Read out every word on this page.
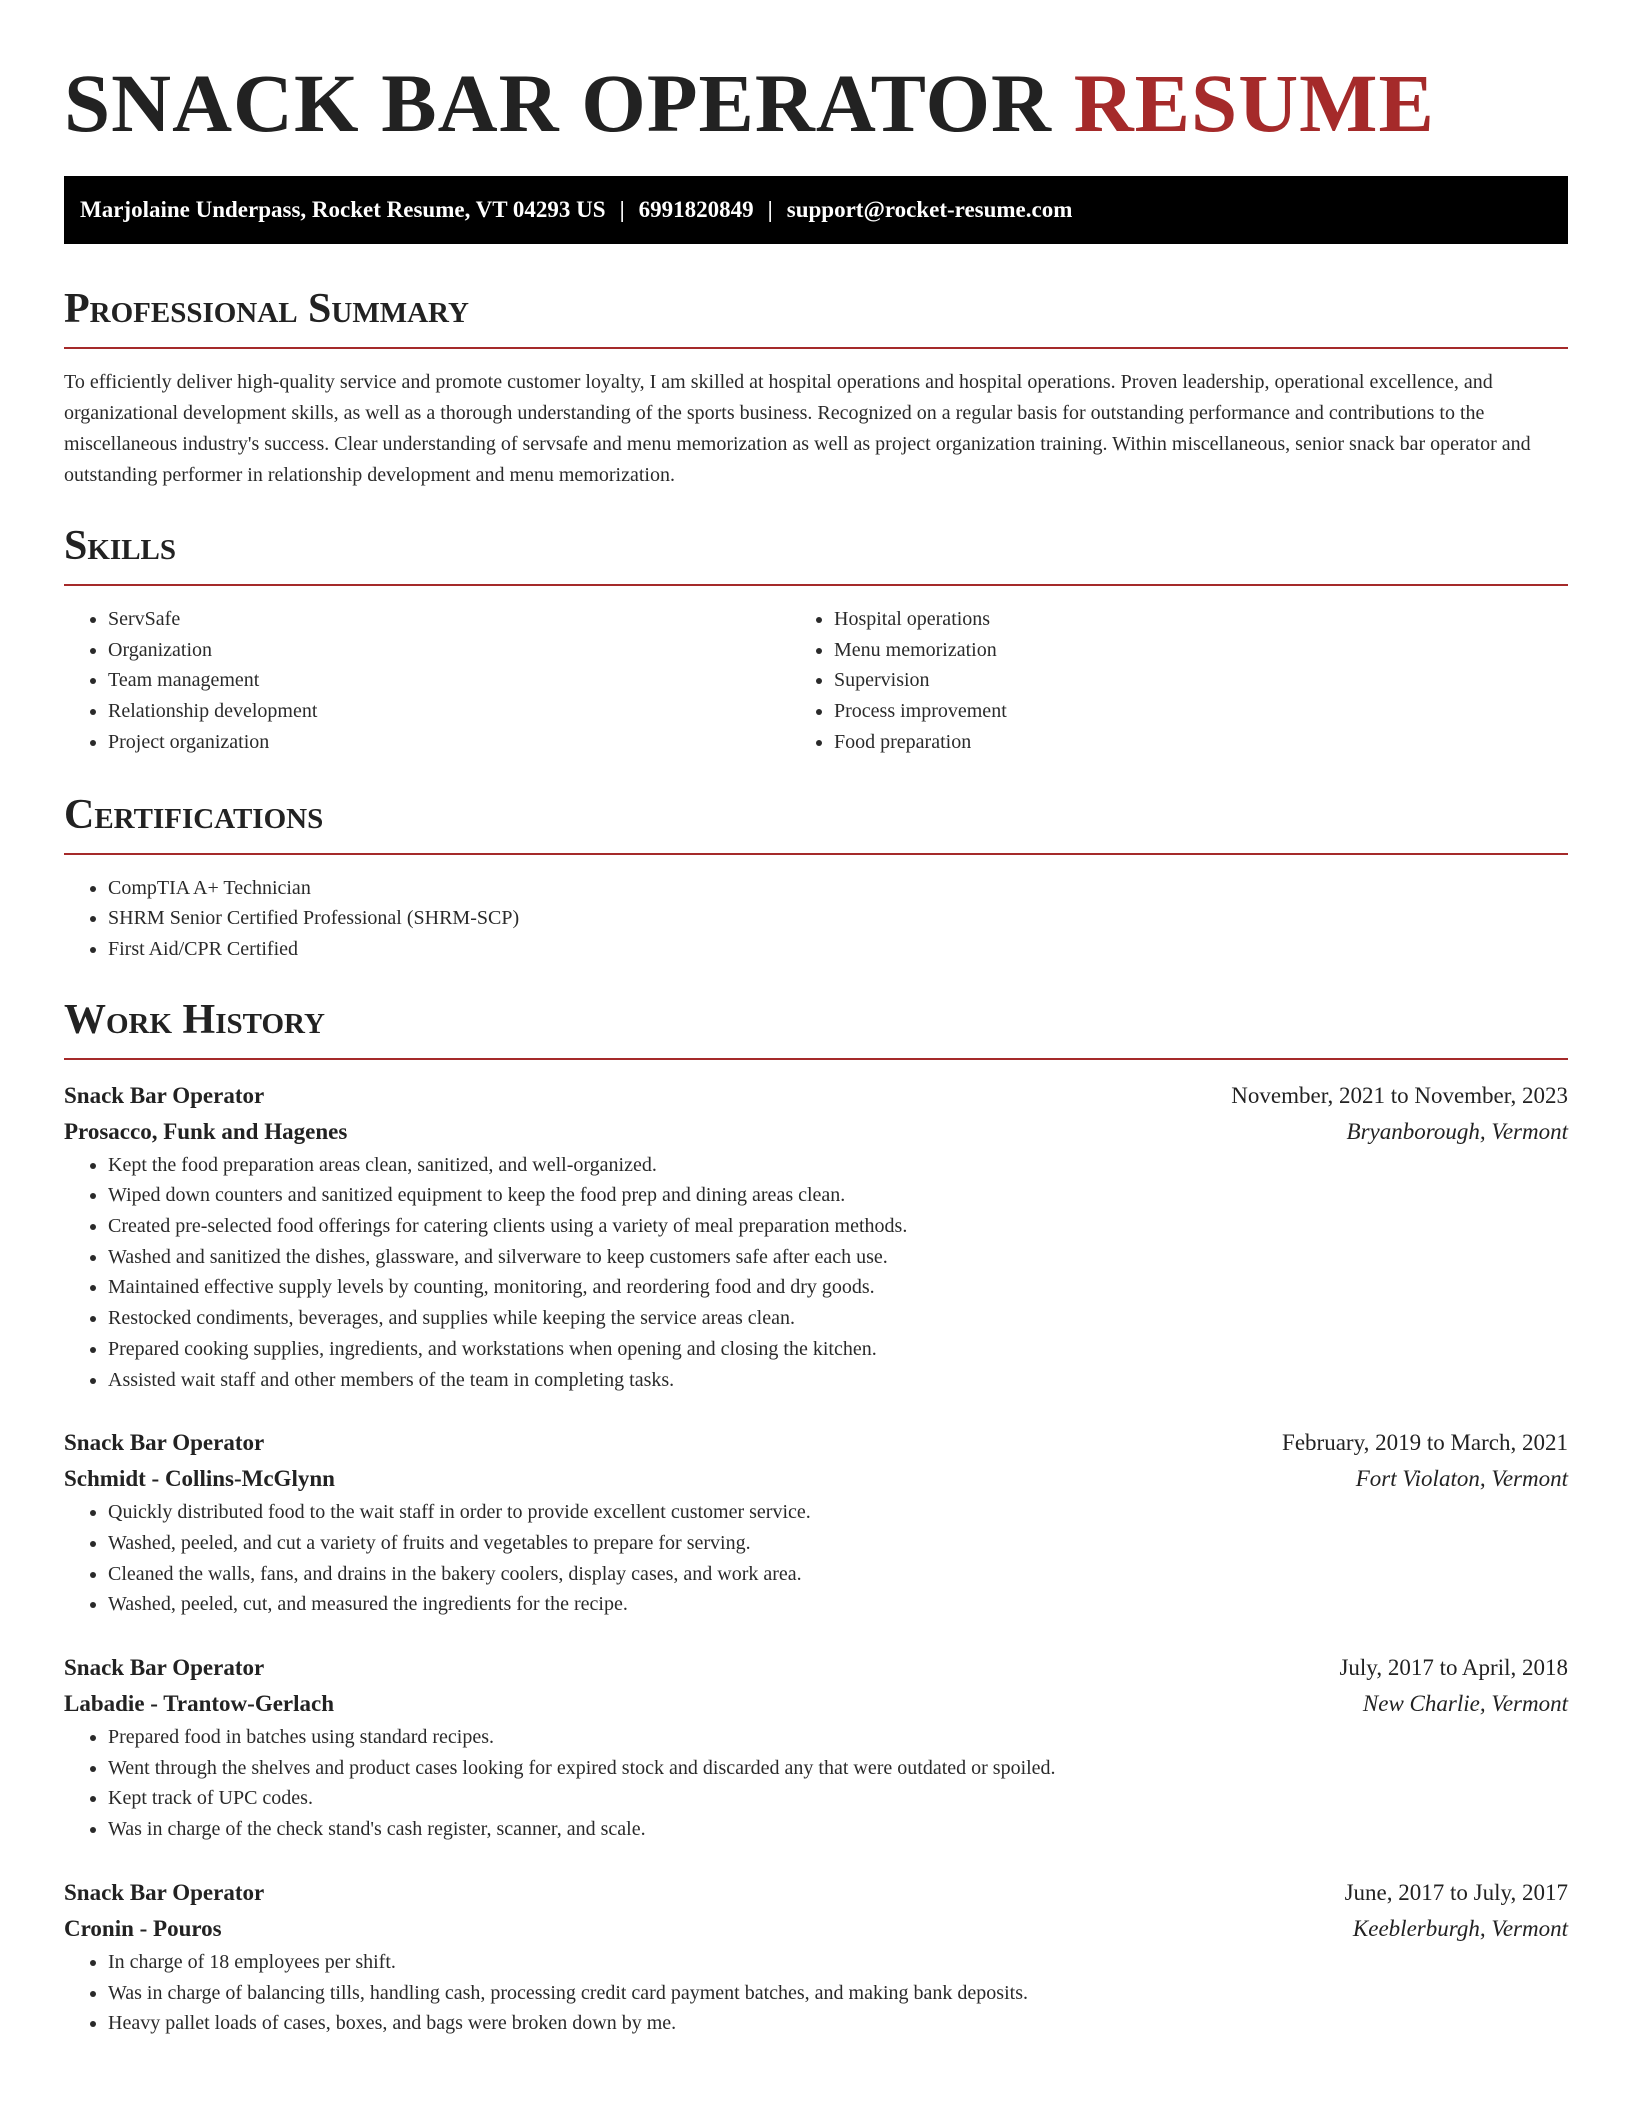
SNACK BAR OPERATOR RESUME
Marjolaine Underpass, Rocket Resume, VT 04293 US | 6991820849 | support@rocket-resume.com
Professional Summary

To efficiently deliver high-quality service and promote customer loyalty, I am skilled at hospital operations and hospital operations. Proven leadership, operational excellence, and organizational development skills, as well as a thorough understanding of the sports business. Recognized on a regular basis for outstanding performance and contributions to the miscellaneous industry's success. Clear understanding of servsafe and menu memorization as well as project organization training. Within miscellaneous, senior snack bar operator and outstanding performer in relationship development and menu memorization.

Skills
• ServSafe
• Organization
• Team management
• Relationship development
• Project organization
• Hospital operations
• Menu memorization
• Supervision
• Process improvement
• Food preparation
Certifications
• CompTIA A+ Technician
• SHRM Senior Certified Professional (SHRM-SCP)
• First Aid/CPR Certified
Work History
Snack Bar Operator	November, 2021 to November, 2023
Prosacco, Funk and Hagenes	Bryanborough, Vermont
• Kept the food preparation areas clean, sanitized, and well-organized.
• Wiped down counters and sanitized equipment to keep the food prep and dining areas clean.
• Created pre-selected food offerings for catering clients using a variety of meal preparation methods.
• Washed and sanitized the dishes, glassware, and silverware to keep customers safe after each use.
• Maintained effective supply levels by counting, monitoring, and reordering food and dry goods.
• Restocked condiments, beverages, and supplies while keeping the service areas clean.
• Prepared cooking supplies, ingredients, and workstations when opening and closing the kitchen.
• Assisted wait staff and other members of the team in completing tasks.
Snack Bar Operator	February, 2019 to March, 2021
Schmidt - Collins-McGlynn	Fort Violaton, Vermont
• Quickly distributed food to the wait staff in order to provide excellent customer service.
• Washed, peeled, and cut a variety of fruits and vegetables to prepare for serving.
• Cleaned the walls, fans, and drains in the bakery coolers, display cases, and work area.
• Washed, peeled, cut, and measured the ingredients for the recipe.
Snack Bar Operator	July, 2017 to April, 2018
Labadie - Trantow-Gerlach	New Charlie, Vermont
• Prepared food in batches using standard recipes.
• Went through the shelves and product cases looking for expired stock and discarded any that were outdated or spoiled.
• Kept track of UPC codes.
• Was in charge of the check stand's cash register, scanner, and scale.
Snack Bar Operator	June, 2017 to July, 2017
Cronin - Pouros	Keeblerburgh, Vermont
• In charge of 18 employees per shift.
• Was in charge of balancing tills, handling cash, processing credit card payment batches, and making bank deposits.
• Heavy pallet loads of cases, boxes, and bags were broken down by me.
